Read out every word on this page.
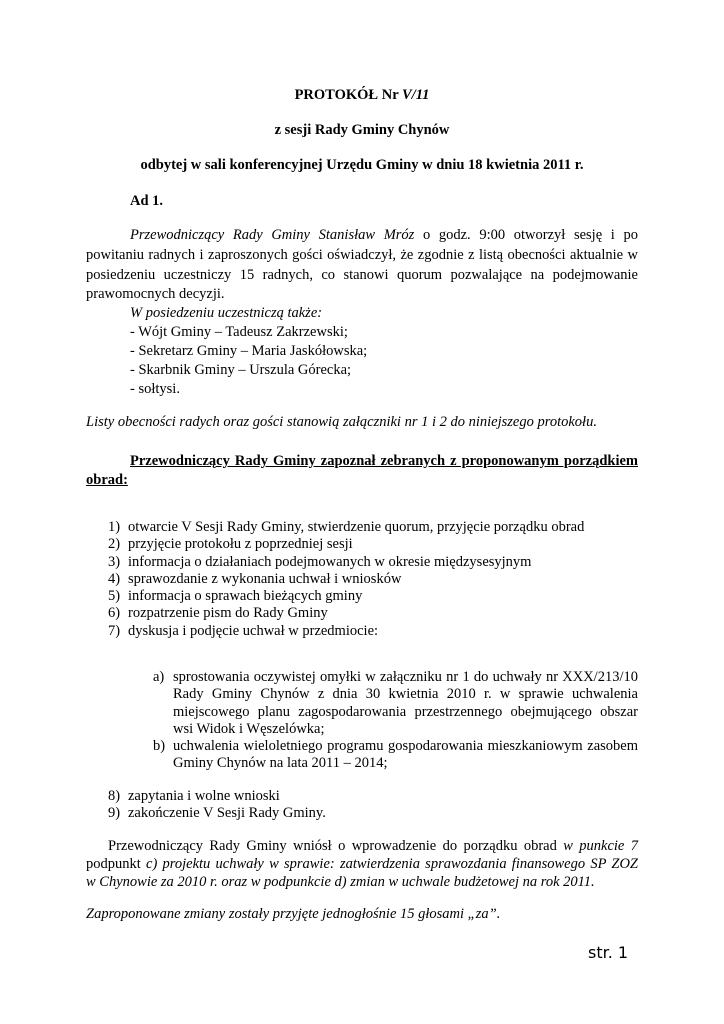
PROTOKÓŁ Nr V/11
z sesji Rady Gminy Chynów
odbytej w sali konferencyjnej Urzędu Gminy w dniu 18 kwietnia 2011 r.
Ad 1.
Przewodniczący Rady Gminy Stanisław Mróz o godz. 9:00 otworzył sesję i po
powitaniu radnych i zaproszonych gości oświadczył, że zgodnie z listą obecności aktualnie w
posiedzeniu uczestniczy 15 radnych, co stanowi quorum pozwalające na podejmowanie
prawomocnych decyzji.
W posiedzeniu uczestniczą także:
- Wójt Gminy – Tadeusz Zakrzewski;
- Sekretarz Gminy – Maria Jaskółowska;
- Skarbnik Gminy – Urszula Górecka;
- sołtysi.
Listy obecności radych oraz gości stanowią załączniki nr 1 i 2 do niniejszego protokołu.
Przewodniczący Rady Gminy zapoznał zebranych z proponowanym porządkiem
obrad:
1) otwarcie V Sesji Rady Gminy, stwierdzenie quorum, przyjęcie porządku obrad
2) przyjęcie protokołu z poprzedniej sesji
3) informacja o działaniach podejmowanych w okresie międzysesyjnym
4) sprawozdanie z wykonania uchwał i wniosków
5) informacja o sprawach bieżących gminy
6) rozpatrzenie pism do Rady Gminy
7) dyskusja i podjęcie uchwał w przedmiocie:
a) sprostowania oczywistej omyłki w załączniku nr 1 do uchwały nr XXX/213/10
Rady Gminy Chynów z dnia 30 kwietnia 2010 r. w sprawie uchwalenia
miejscowego planu zagospodarowania przestrzennego obejmującego obszar
wsi Widok i Węszelówka;
b) uchwalenia wieloletniego programu gospodarowania mieszkaniowym zasobem
Gminy Chynów na lata 2011 – 2014;
8) zapytania i wolne wnioski
9) zakończenie V Sesji Rady Gminy.
Przewodniczący Rady Gminy wniósł o wprowadzenie do porządku obrad w punkcie 7
podpunkt c) projektu uchwały w sprawie: zatwierdzenia sprawozdania finansowego SP ZOZ
w Chynowie za 2010 r. oraz w podpunkcie d) zmian w uchwale budżetowej na rok 2011.
Zaproponowane zmiany zostały przyjęte jednogłośnie 15 głosami „za”.
str. 1
